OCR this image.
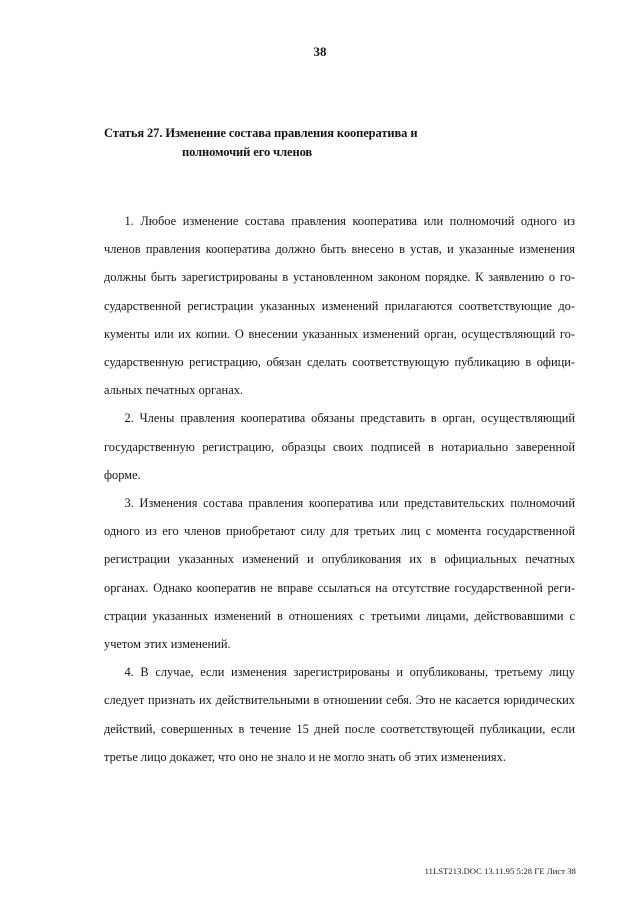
38
Статья 27. Изменение состава правления кооператива и
полномочий его членов

1. Любое изменение состава правления кооператива или полномочий одного из членов правления кооператива должно быть внесено в устав, и указанные изменения должны быть зарегистрированы в установленном законом порядке. К заявлению о государственной регистрации указанных изменений прилагаются соответствующие документы или их копии. О внесении указанных изменений орган, осуществляющий государственную регистрацию, обязан сделать соответствующую публикацию в официальных печатных органах.

2. Члены правления кооператива обязаны представить в орган, осуществляющий государственную регистрацию, образцы своих подписей в нотариально заверенной форме.

3. Изменения состава правления кооператива или представительских полномочий одного из его членов приобретают силу для третьих лиц с момента государственной регистрации указанных изменений и опубликования их в официальных печатных органах. Однако кооператив не вправе ссылаться на отсутствие государственной регистрации указанных изменений в отношениях с третьими лицами, действовавшими с учетом этих изменений.

4. В случае, если изменения зарегистрированы и опубликованы, третьему лицу следует признать их действительными в отношении себя. Это не касается юридических действий, совершенных в течение 15 дней после соответствующей публикации, если третье лицо докажет, что оно не знало и не могло знать об этих изменениях.

11LST213.DOC 13.11.95 5:28 ГЕ Лист 38
